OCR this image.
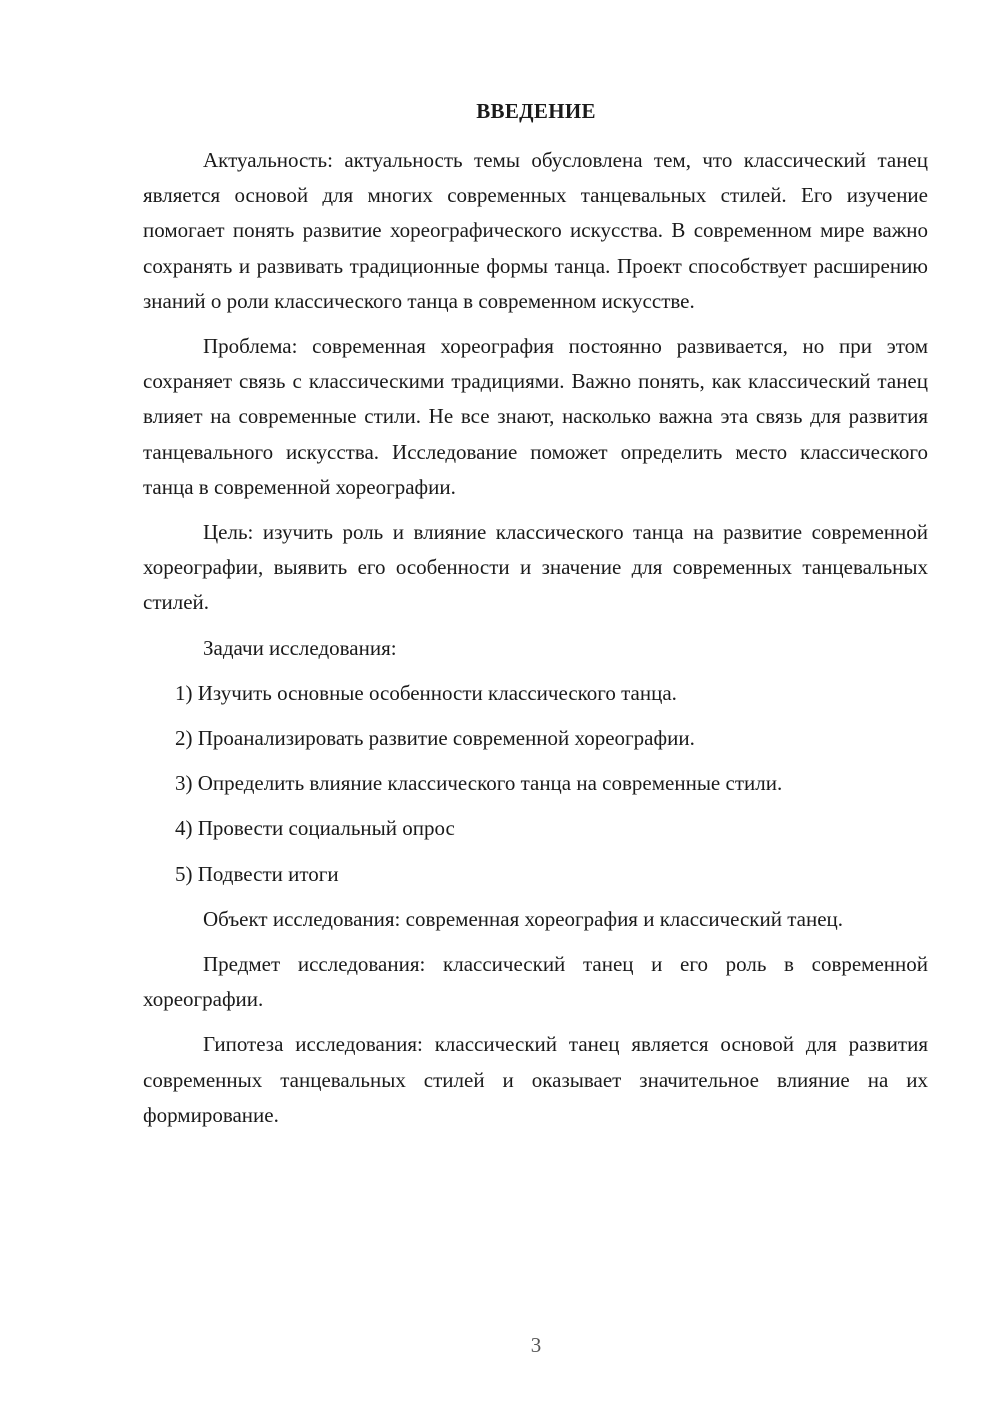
ВВЕДЕНИЕ

Актуальность: актуальность темы обусловлена тем, что классический танец является основой для многих современных танцевальных стилей. Его изучение помогает понять развитие хореографического искусства. В современном мире важно сохранять и развивать традиционные формы танца. Проект способствует расширению знаний о роли классического танца в современном искусстве.

Проблема: современная хореография постоянно развивается, но при этом сохраняет связь с классическими традициями. Важно понять, как классический танец влияет на современные стили. Не все знают, насколько важна эта связь для развития танцевального искусства. Исследование поможет определить место классического танца в современной хореографии.

Цель: изучить роль и влияние классического танца на развитие современной хореографии, выявить его особенности и значение для современных танцевальных стилей.

Задачи исследования:

1) Изучить основные особенности классического танца.

2) Проанализировать развитие современной хореографии.

3) Определить влияние классического танца на современные стили.

4) Провести социальный опрос

5) Подвести итоги

Объект исследования: современная хореография и классический танец.

Предмет исследования: классический танец и его роль в современной хореографии.

Гипотеза исследования: классический танец является основой для развития современных танцевальных стилей и оказывает значительное влияние на их формирование.

3
